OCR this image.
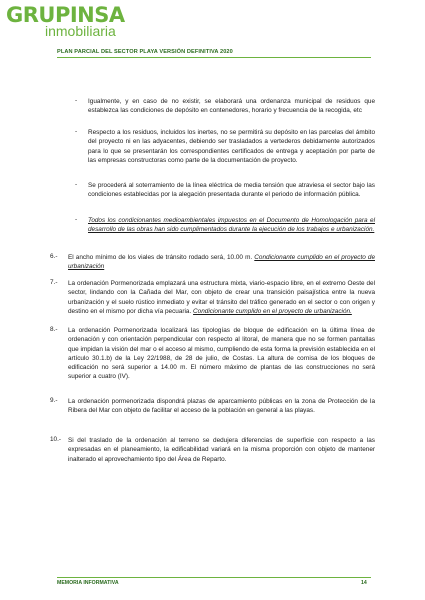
GRUPINSA
inmobiliaria
PLAN PARCIAL DEL SECTOR PLAYA VERSIÓN DEFINITIVA 2020
- Igualmente, y en caso de no existir, se elaborará una ordenanza municipal de residuos que establezca las condiciones de depósito en contenedores, horario y frecuencia de la recogida, etc
- Respecto a los residuos, incluidos los inertes, no se permitirá su depósito en las parcelas del ámbito del proyecto ni en las adyacentes, debiendo ser trasladados a vertederos debidamente autorizados para lo que se presentarán los correspondientes certificados de entrega y aceptación por parte de las empresas constructoras como parte de la documentación de proyecto.
- Se procederá al soterramiento de la línea eléctrica de media tensión que atraviesa el sector bajo las condiciones establecidas por la alegación presentada durante el periodo de información pública.
- Todos los condicionantes medioambientales impuestos en el Documento de Homologación para el desarrollo de las obras han sido cumplimentados durante la ejecución de los trabajos e urbanización.
6.- El ancho mínimo de los viales de tránsito rodado será, 10.00 m. Condicionante cumplido en el proyecto de urbanización
7.- La ordenación Pormenorizada emplazará una estructura mixta, viario-espacio libre, en el extremo Oeste del sector, lindando con la Cañada del Mar, con objeto de crear una transición paisajística entre la nueva urbanización y el suelo rústico inmediato y evitar el tránsito del tráfico generado en el sector o con origen y destino en el mismo por dicha vía pecuaria. Condicionante cumplido en el proyecto de urbanización.
8.- La ordenación Pormenorizada localizará las tipologías de bloque de edificación en la última línea de ordenación y con orientación perpendicular con respecto al litoral, de manera que no se formen pantallas que impidan la visión del mar o el acceso al mismo, cumpliendo de esta forma la previsión establecida en el artículo 30.1.b) de la Ley 22/1988, de 28 de julio, de Costas. La altura de cornisa de los bloques de edificación no será superior a 14.00 m. El número máximo de plantas de las construcciones no será superior a cuatro (IV).
9.- La ordenación pormenorizada dispondrá plazas de aparcamiento públicas en la zona de Protección de la Ribera del Mar con objeto de facilitar el acceso de la población en general a las playas.
10.- Si del traslado de la ordenación al terreno se dedujera diferencias de superficie con respecto a las expresadas en el planeamiento, la edificabilidad variará en la misma proporción con objeto de mantener inalterado el aprovechamiento tipo del Área de Reparto.
MEMORIA INFORMATIVA	14
